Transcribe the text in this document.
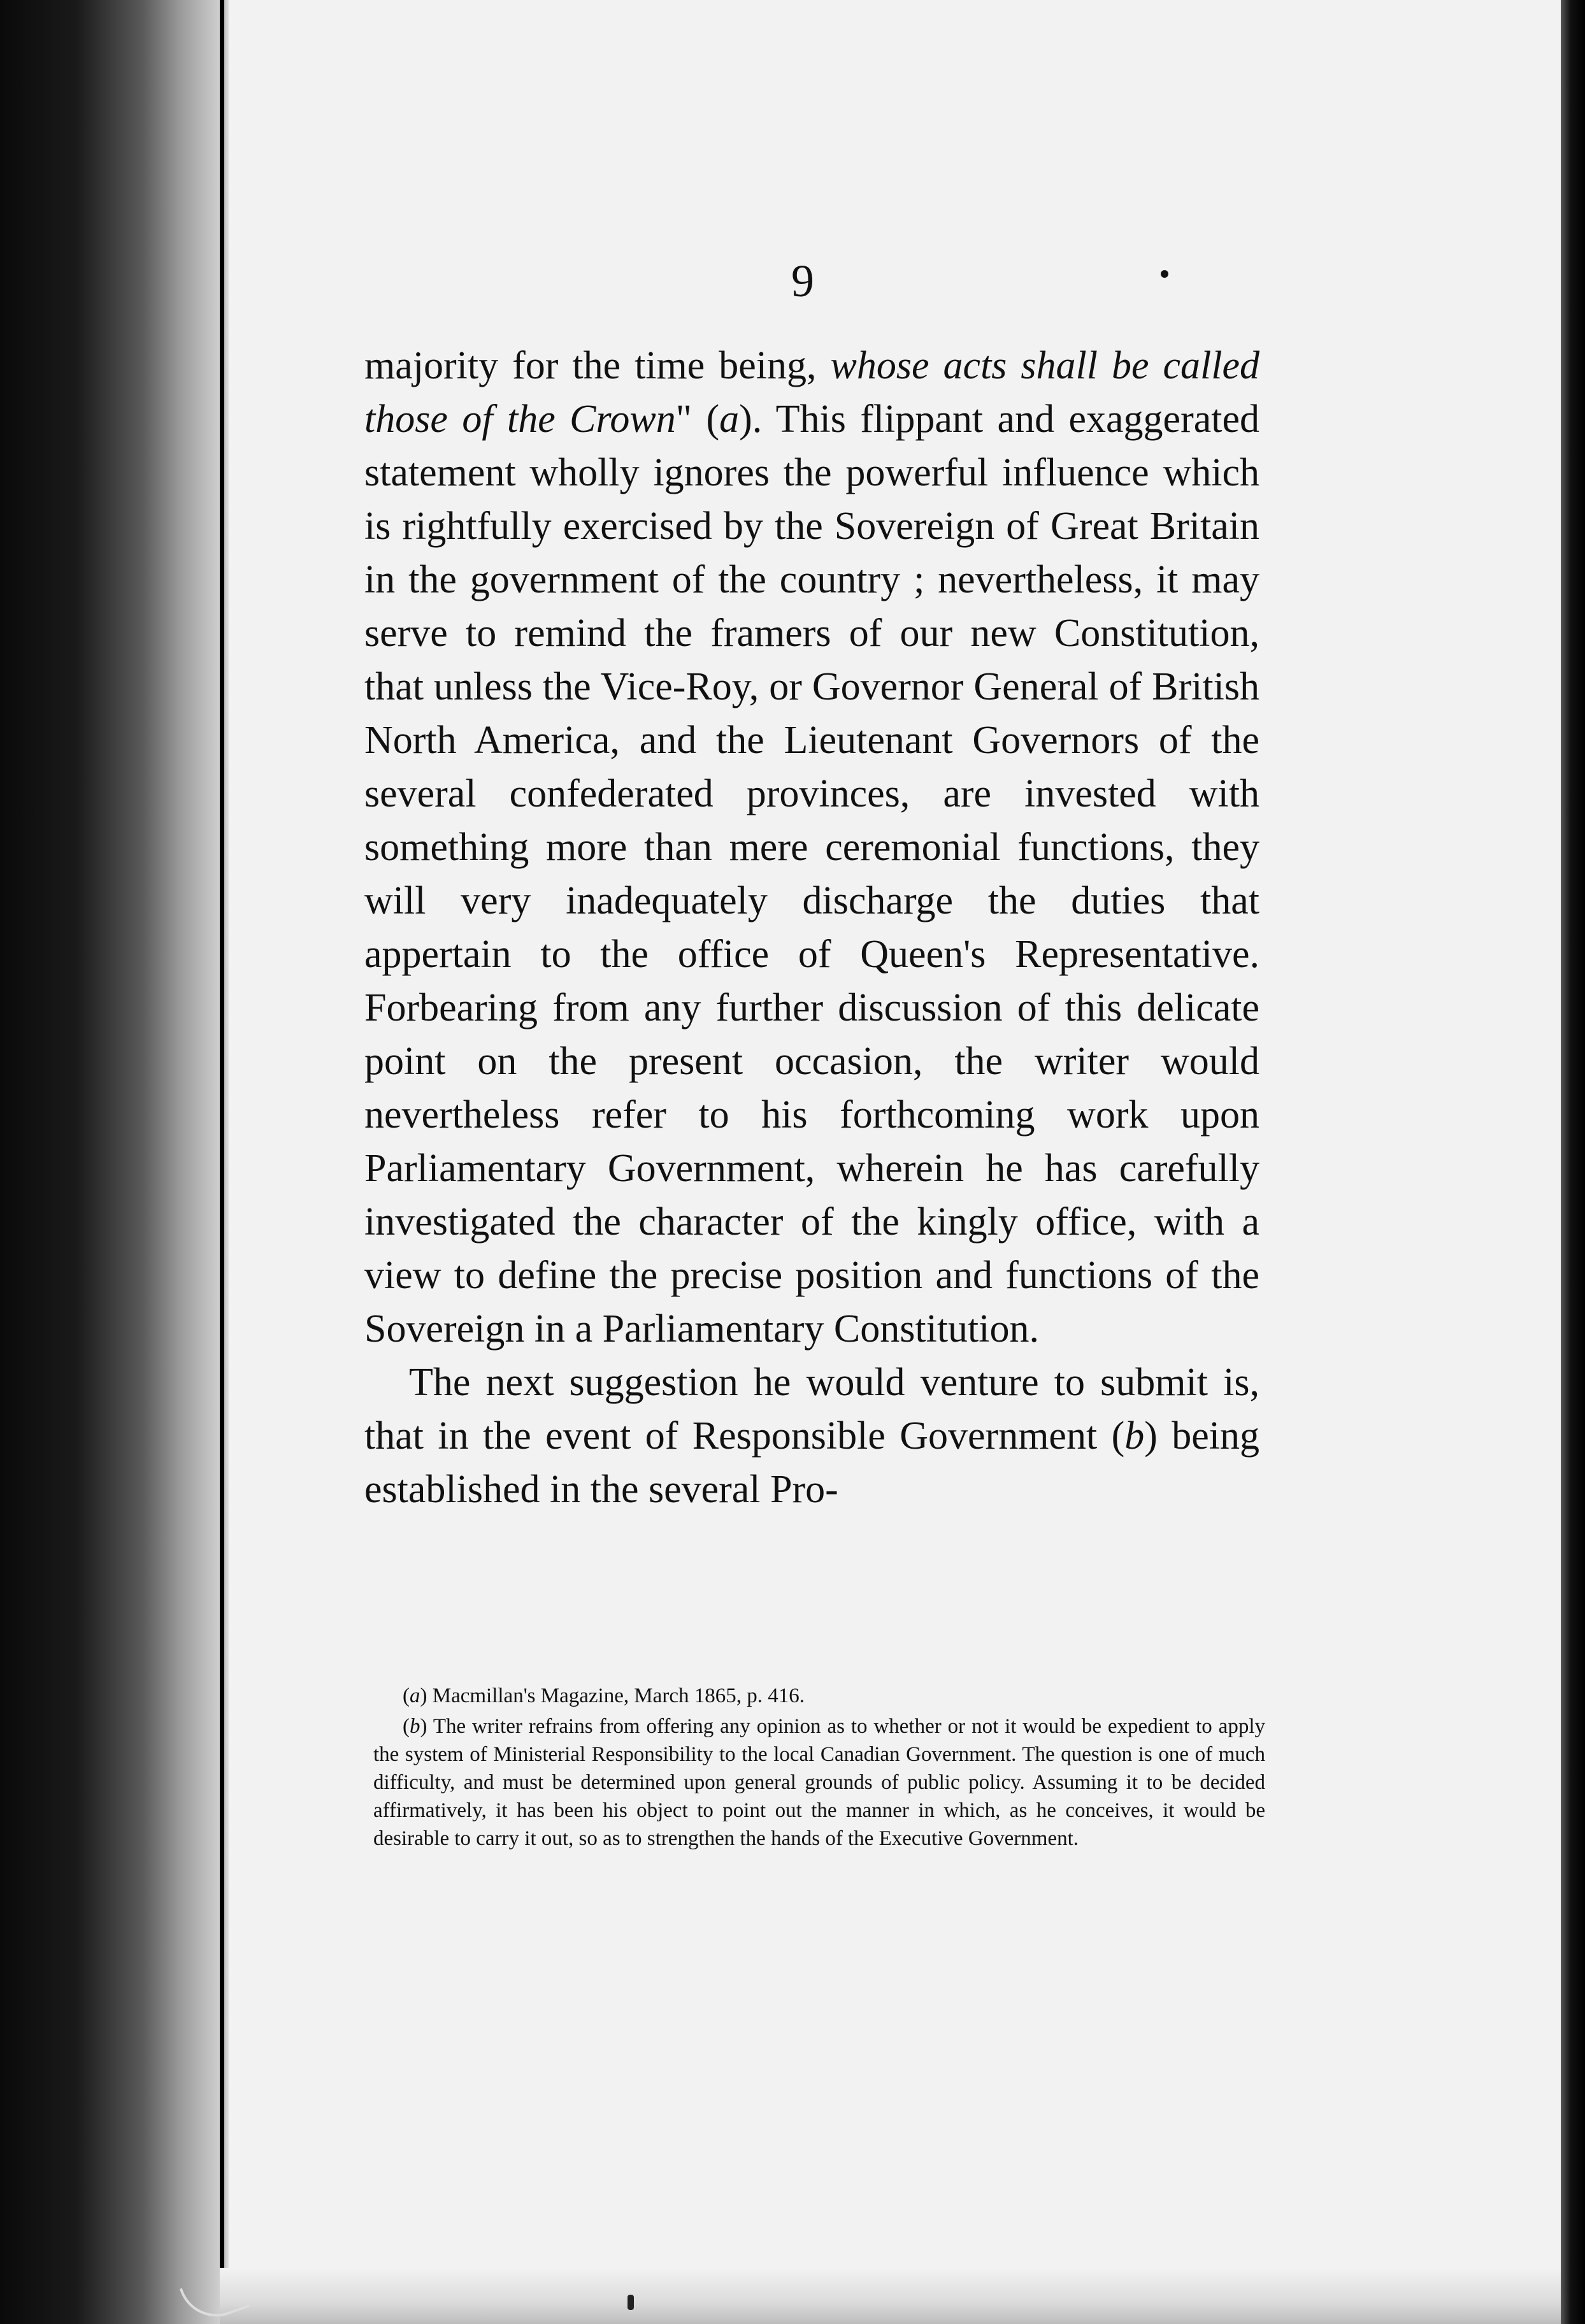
9

majority for the time being, whose acts shall be called those of the Crown" (a). This flippant and exaggerated statement wholly ignores the powerful influence which is rightfully exercised by the Sovereign of Great Britain in the government of the country ; nevertheless, it may serve to remind the framers of our new Constitution, that unless the Vice-Roy, or Governor General of British North America, and the Lieutenant Governors of the several confederated provinces, are invested with something more than mere ceremonial functions, they will very inadequately discharge the duties that appertain to the office of Queen's Representative. Forbearing from any further discussion of this delicate point on the present occasion, the writer would nevertheless refer to his forthcoming work upon Parliamentary Government, wherein he has carefully investigated the character of the kingly office, with a view to define the precise position and functions of the Sovereign in a Parliamentary Constitution.

The next suggestion he would venture to submit is, that in the event of Responsible Government (b) being established in the several Pro-

(a) Macmillan's Magazine, March 1865, p. 416.

(b) The writer refrains from offering any opinion as to whether or not it would be expedient to apply the system of Ministerial Responsibility to the local Canadian Government. The question is one of much difficulty, and must be determined upon general grounds of public policy. Assuming it to be decided affirmatively, it has been his object to point out the manner in which, as he conceives, it would be desirable to carry it out, so as to strengthen the hands of the Executive Government.
